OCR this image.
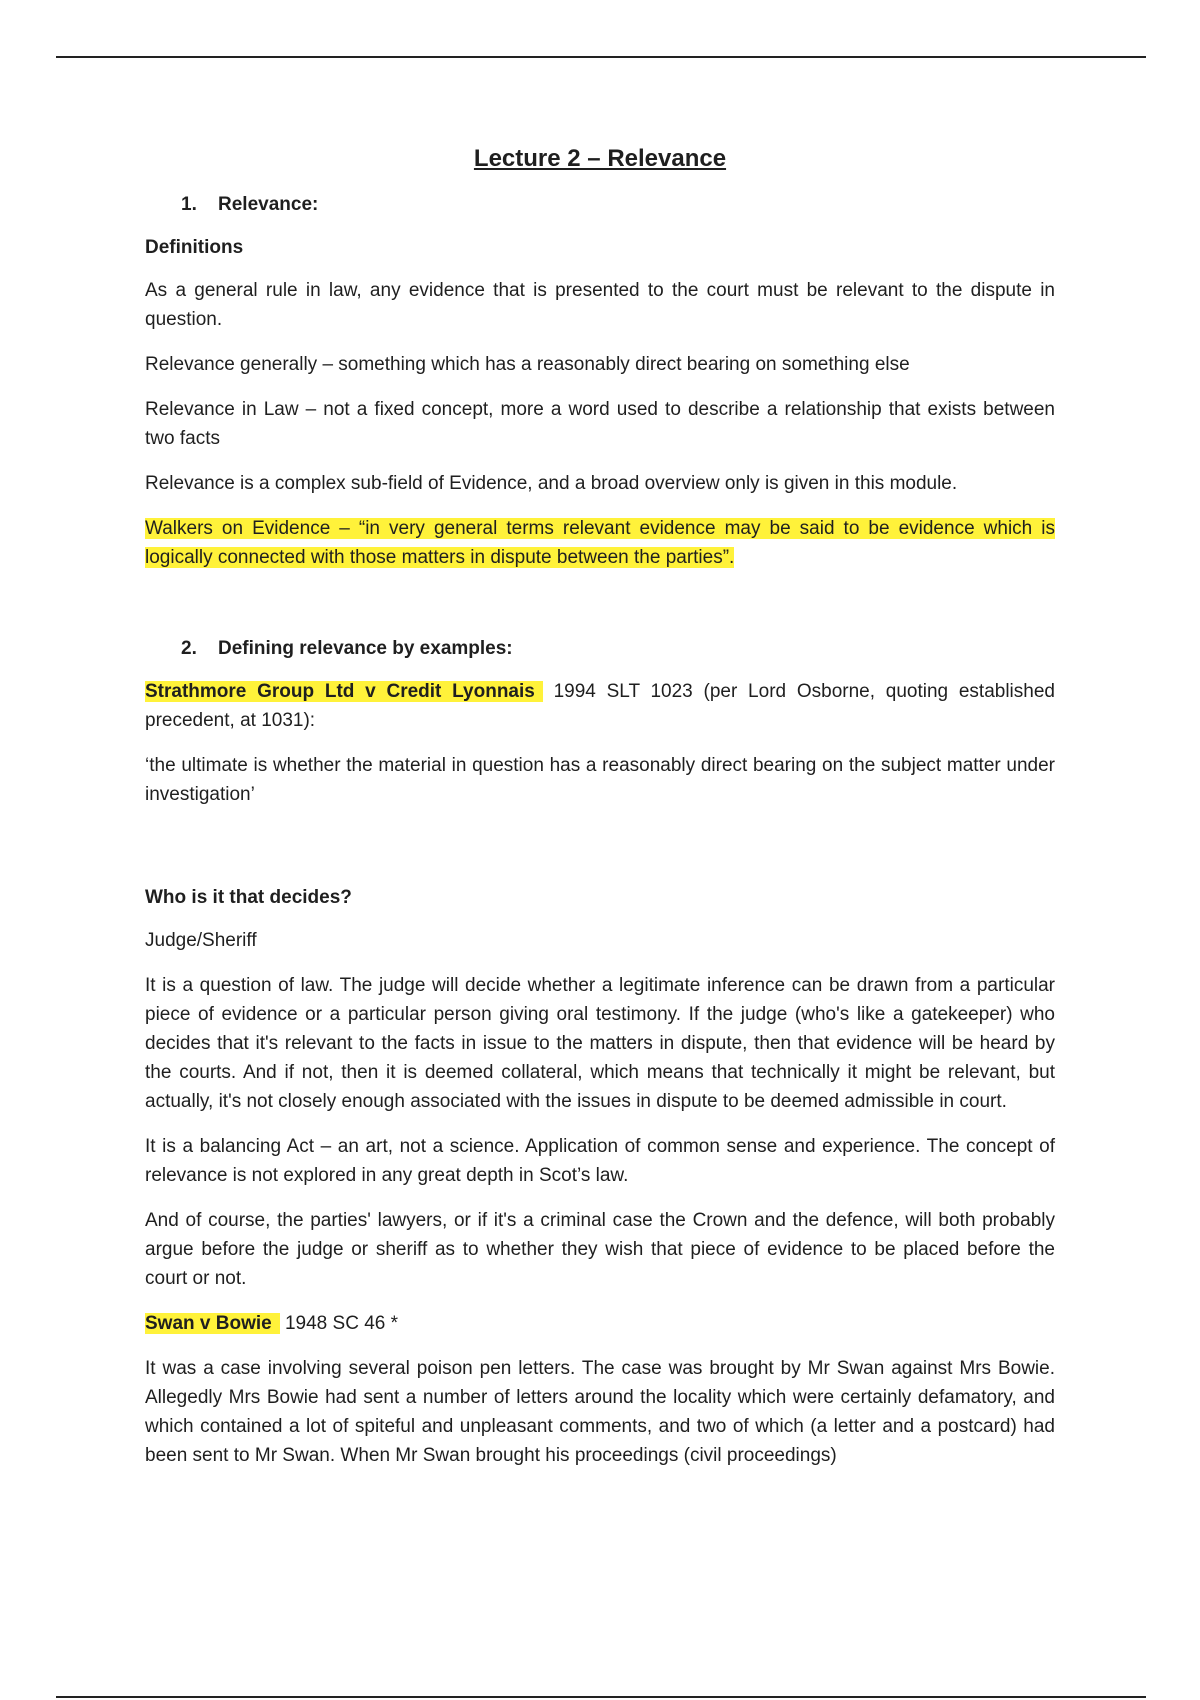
Lecture 2 – Relevance
1. Relevance:
Definitions

As a general rule in law, any evidence that is presented to the court must be relevant to the dispute in question.

Relevance generally – something which has a reasonably direct bearing on something else

Relevance in Law – not a fixed concept, more a word used to describe a relationship that exists between two facts

Relevance is a complex sub-field of Evidence, and a broad overview only is given in this module.

Walkers on Evidence – “in very general terms relevant evidence may be said to be evidence which is logically connected with those matters in dispute between the parties”.

2. Defining relevance by examples:

Strathmore Group Ltd v Credit Lyonnais 1994 SLT 1023 (per Lord Osborne, quoting established precedent, at 1031):

‘the ultimate is whether the material in question has a reasonably direct bearing on the subject matter under investigation’

Who is it that decides?

Judge/Sheriff

It is a question of law. The judge will decide whether a legitimate inference can be drawn from a particular piece of evidence or a particular person giving oral testimony. If the judge (who's like a gatekeeper) who decides that it's relevant to the facts in issue to the matters in dispute, then that evidence will be heard by the courts. And if not, then it is deemed collateral, which means that technically it might be relevant, but actually, it's not closely enough associated with the issues in dispute to be deemed admissible in court.

It is a balancing Act – an art, not a science. Application of common sense and experience. The concept of relevance is not explored in any great depth in Scot’s law.

And of course, the parties' lawyers, or if it's a criminal case the Crown and the defence, will both probably argue before the judge or sheriff as to whether they wish that piece of evidence to be placed before the court or not.

Swan v Bowie 1948 SC 46 *

It was a case involving several poison pen letters. The case was brought by Mr Swan against Mrs Bowie. Allegedly Mrs Bowie had sent a number of letters around the locality which were certainly defamatory, and which contained a lot of spiteful and unpleasant comments, and two of which (a letter and a postcard) had been sent to Mr Swan. When Mr Swan brought his proceedings (civil proceedings)
